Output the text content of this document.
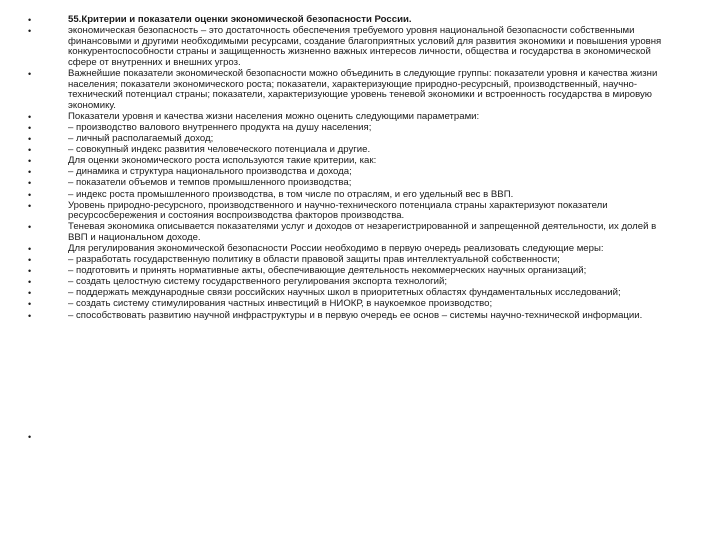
•	55.Критерии и показатели оценки экономической безопасности России.
•	экономическая безопасность – это достаточность обеспечения требуемого уровня национальной безопасности собственными финансовыми и другими необходимыми ресурсами, создание благоприятных условий для развития экономики и повышения уровня конкурентоспособности страны и защищенность жизненно важных интересов личности, общества и государства в экономической сфере от внутренних и внешних угроз.
•	Важнейшие показатели экономической безопасности можно объединить в следующие группы: показатели уровня и качества жизни населения; показатели экономического роста; показатели, характеризующие природно-ресурсный, производственный, научно-технический потенциал страны; показатели, характеризующие уровень теневой экономики и встроенность государства в мировую экономику.
•	Показатели уровня и качества жизни населения можно оценить следующими параметрами:
•	– производство валового внутреннего продукта на душу населения;
•	– личный располагаемый доход;
•	– совокупный индекс развития человеческого потенциала и другие.
•	Для оценки экономического роста используются такие критерии, как:
•	– динамика и структура национального производства и дохода;
•	– показатели объемов и темпов промышленного производства;
•	– индекс роста промышленного производства, в том числе по отраслям, и его удельный вес в ВВП.
•	Уровень природно-ресурсного, производственного и научно-технического потенциала страны характеризуют показатели ресурсосбережения и состояния воспроизводства факторов производства.
•	Теневая экономика описывается показателями услуг и доходов от незарегистрированной и запрещенной деятельности, их долей в ВВП и национальном доходе.
•	Для регулирования экономической безопасности России необходимо в первую очередь реализовать следующие меры:
•	– разработать государственную политику в области правовой защиты прав интеллектуальной собственности;
•	– подготовить и принять нормативные акты, обеспечивающие деятельность некоммерческих научных организаций;
•	– создать целостную систему государственного регулирования экспорта технологий;
•	– поддержать международные связи российских научных школ в приоритетных областях фундаментальных исследований;
•	– создать систему стимулирования частных инвестиций в НИОКР, в наукоемкое производство;
•	– способствовать развитию научной инфраструктуры и в первую очередь ее основ – системы научно-технической информации.
•
